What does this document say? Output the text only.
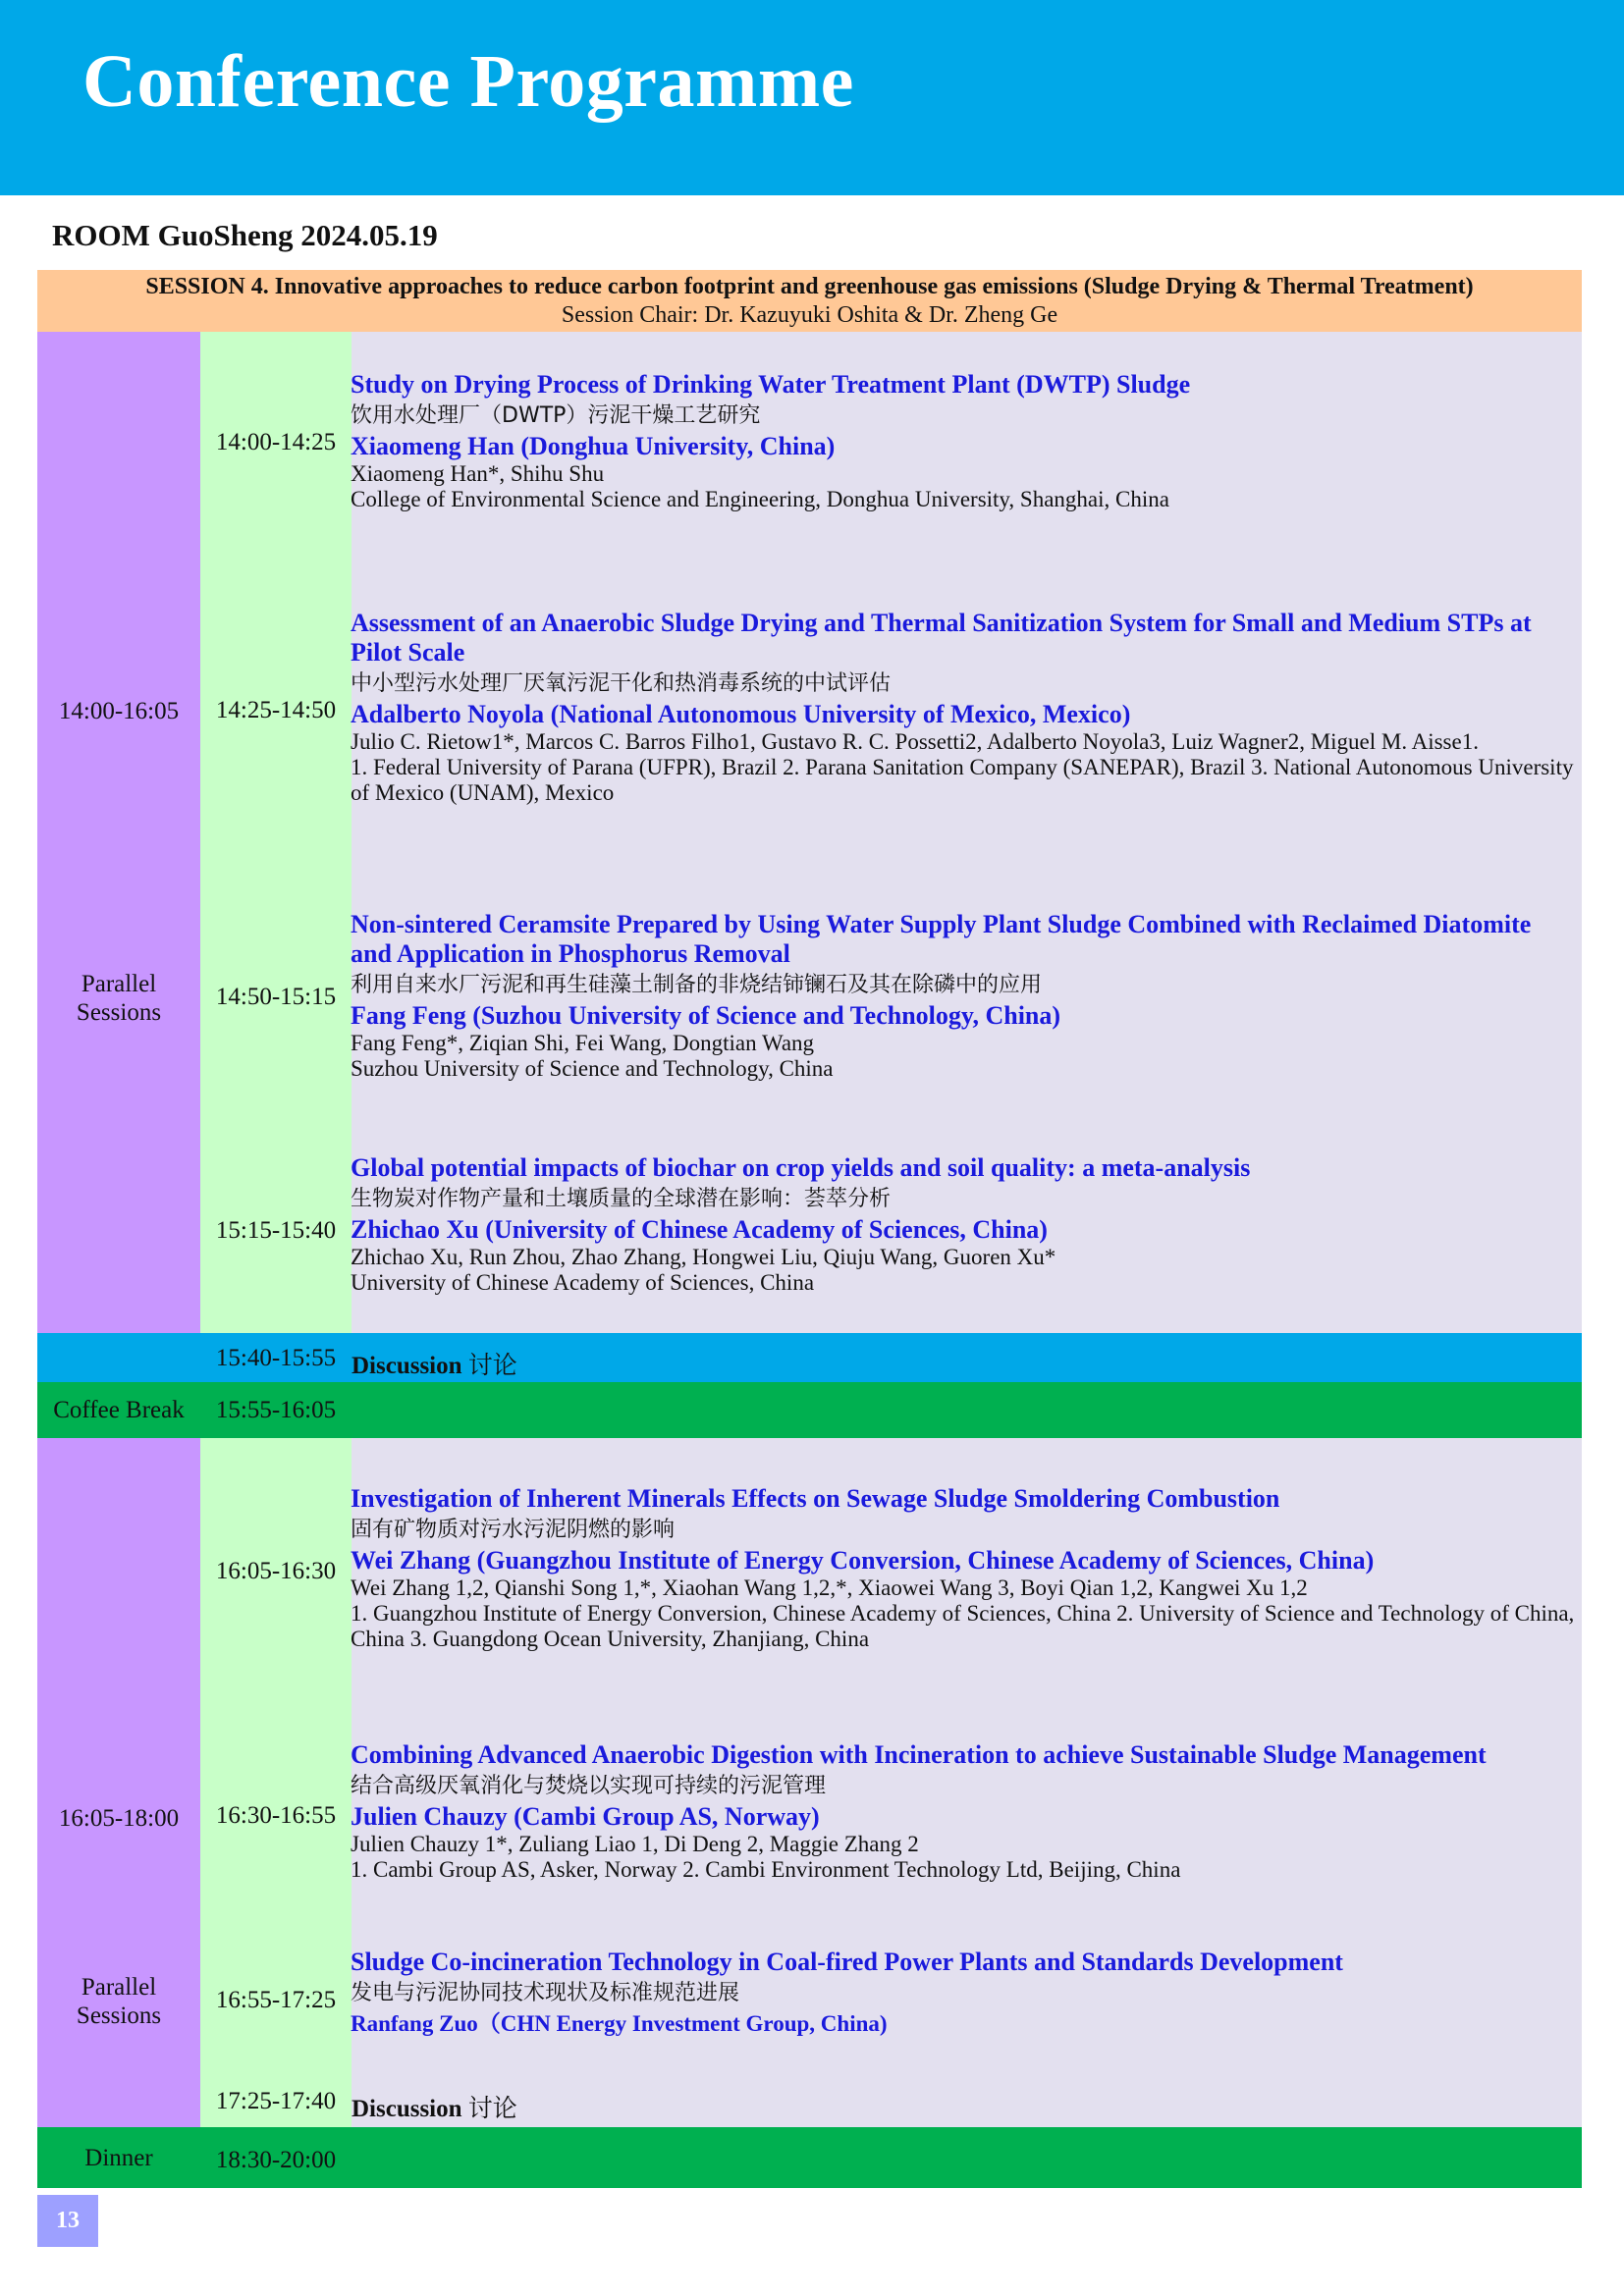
Conference Programme
ROOM GuoSheng 2024.05.19
SESSION 4. Innovative approaches to reduce carbon footprint and greenhouse gas emissions (Sludge Drying & Thermal Treatment)
Session Chair: Dr. Kazuyuki Oshita & Dr. Zheng Ge
14:00-16:05
Parallel
Sessions
14:00-14:25
Study on Drying Process of Drinking Water Treatment Plant (DWTP) Sludge
饮用水处理厂（DWTP）污泥干燥工艺研究
Xiaomeng Han (Donghua University, China)
Xiaomeng Han*, Shihu Shu
College of Environmental Science and Engineering, Donghua University, Shanghai, China
14:25-14:50
Assessment of an Anaerobic Sludge Drying and Thermal Sanitization System for Small and Medium STPs at Pilot Scale
中小型污水处理厂厌氧污泥干化和热消毒系统的中试评估
Adalberto Noyola (National Autonomous University of Mexico, Mexico)
Julio C. Rietow1*, Marcos C. Barros Filho1, Gustavo R. C. Possetti2, Adalberto Noyola3, Luiz Wagner2, Miguel M. Aisse1.
1. Federal University of Parana (UFPR), Brazil 2. Parana Sanitation Company (SANEPAR), Brazil 3. National Autonomous University of Mexico (UNAM), Mexico
14:50-15:15
Non-sintered Ceramsite Prepared by Using Water Supply Plant Sludge Combined with Reclaimed Diatomite and Application in Phosphorus Removal
利用自来水厂污泥和再生硅藻土制备的非烧结铈镧石及其在除磷中的应用
Fang Feng (Suzhou University of Science and Technology, China)
Fang Feng*, Ziqian Shi, Fei Wang, Dongtian Wang
Suzhou University of Science and Technology, China
15:15-15:40
Global potential impacts of biochar on crop yields and soil quality: a meta-analysis
生物炭对作物产量和土壤质量的全球潜在影响：荟萃分析
Zhichao Xu (University of Chinese Academy of Sciences, China)
Zhichao Xu, Run Zhou, Zhao Zhang, Hongwei Liu, Qiuju Wang, Guoren Xu*
University of Chinese Academy of Sciences, China
15:40-15:55 Discussion 讨论
Coffee Break	15:55-16:05
16:05-18:00
Parallel
Sessions
16:05-16:30
Investigation of Inherent Minerals Effects on Sewage Sludge Smoldering Combustion
固有矿物质对污水污泥阴燃的影响
Wei Zhang (Guangzhou Institute of Energy Conversion, Chinese Academy of Sciences, China)
Wei Zhang 1,2, Qianshi Song 1,*, Xiaohan Wang 1,2,*, Xiaowei Wang 3, Boyi Qian 1,2, Kangwei Xu 1,2
1. Guangzhou Institute of Energy Conversion, Chinese Academy of Sciences, China 2. University of Science and Technology of China, China 3. Guangdong Ocean University, Zhanjiang, China
16:30-16:55
Combining Advanced Anaerobic Digestion with Incineration to achieve Sustainable Sludge Management
结合高级厌氧消化与焚烧以实现可持续的污泥管理
Julien Chauzy (Cambi Group AS, Norway)
Julien Chauzy 1*, Zuliang Liao 1, Di Deng 2, Maggie Zhang 2
1. Cambi Group AS, Asker, Norway 2. Cambi Environment Technology Ltd, Beijing, China
16:55-17:25
Sludge Co-incineration Technology in Coal-fired Power Plants and Standards Development
发电与污泥协同技术现状及标准规范进展
Ranfang Zuo（CHN Energy Investment Group, China)
17:25-17:40 Discussion 讨论
Dinner	18:30-20:00
13
